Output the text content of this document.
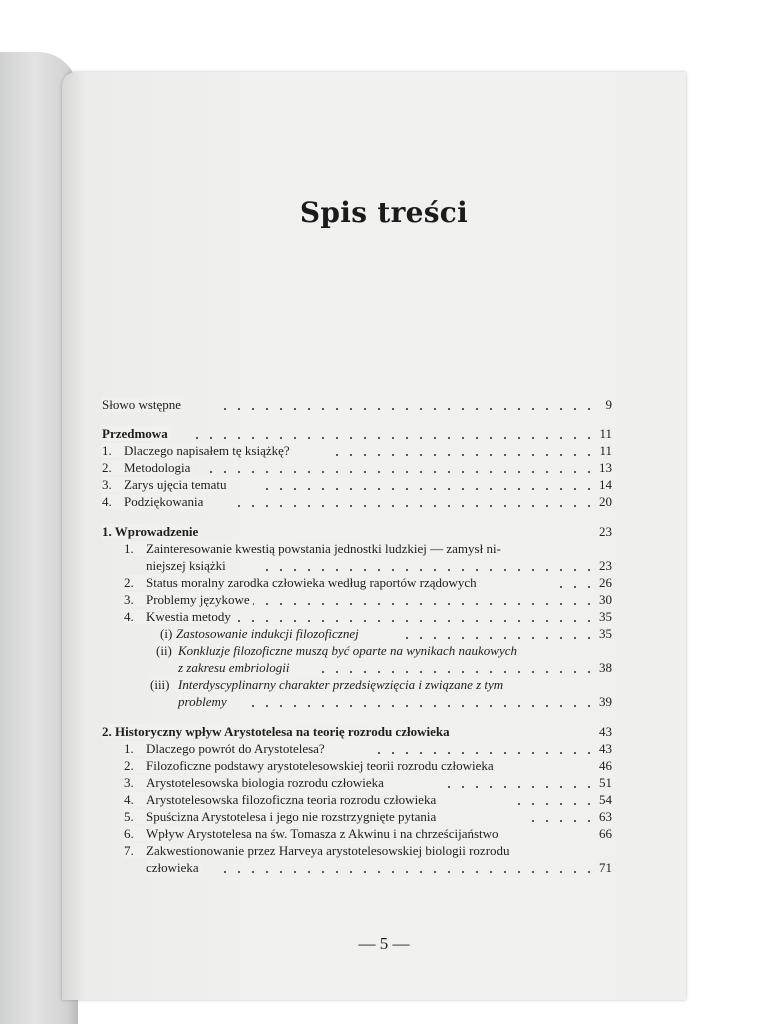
Spis treści
Słowo wstępne	9
Przedmowa	11
1. Dlaczego napisałem tę książkę?	11
2. Metodologia	13
3. Zarys ujęcia tematu	14
4. Podziękowania	20
1. Wprowadzenie	23
1. Zainteresowanie kwestią powstania jednostki ludzkiej — zamysł ni-
niejszej książki	23
2. Status moralny zarodka człowieka według raportów rządowych	26
3. Problemy językowe	30
4. Kwestia metody	35
(i) Zastosowanie indukcji filozoficznej	35
(ii) Konkluzje filozoficzne muszą być oparte na wynikach naukowych
z zakresu embriologii	38
(iii) Interdyscyplinarny charakter przedsięwzięcia i związane z tym
problemy	39
2. Historyczny wpływ Arystotelesa na teorię rozrodu człowieka	43
1. Dlaczego powrót do Arystotelesa?	43
2. Filozoficzne podstawy arystotelesowskiej teorii rozrodu człowieka	46
3. Arystotelesowska biologia rozrodu człowieka	51
4. Arystotelesowska filozoficzna teoria rozrodu człowieka	54
5. Spuścizna Arystotelesa i jego nie rozstrzygnięte pytania	63
6. Wpływ Arystotelesa na św. Tomasza z Akwinu i na chrześcijaństwo	66
7. Zakwestionowanie przez Harveya arystotelesowskiej biologii rozrodu
człowieka	71
— 5 —
